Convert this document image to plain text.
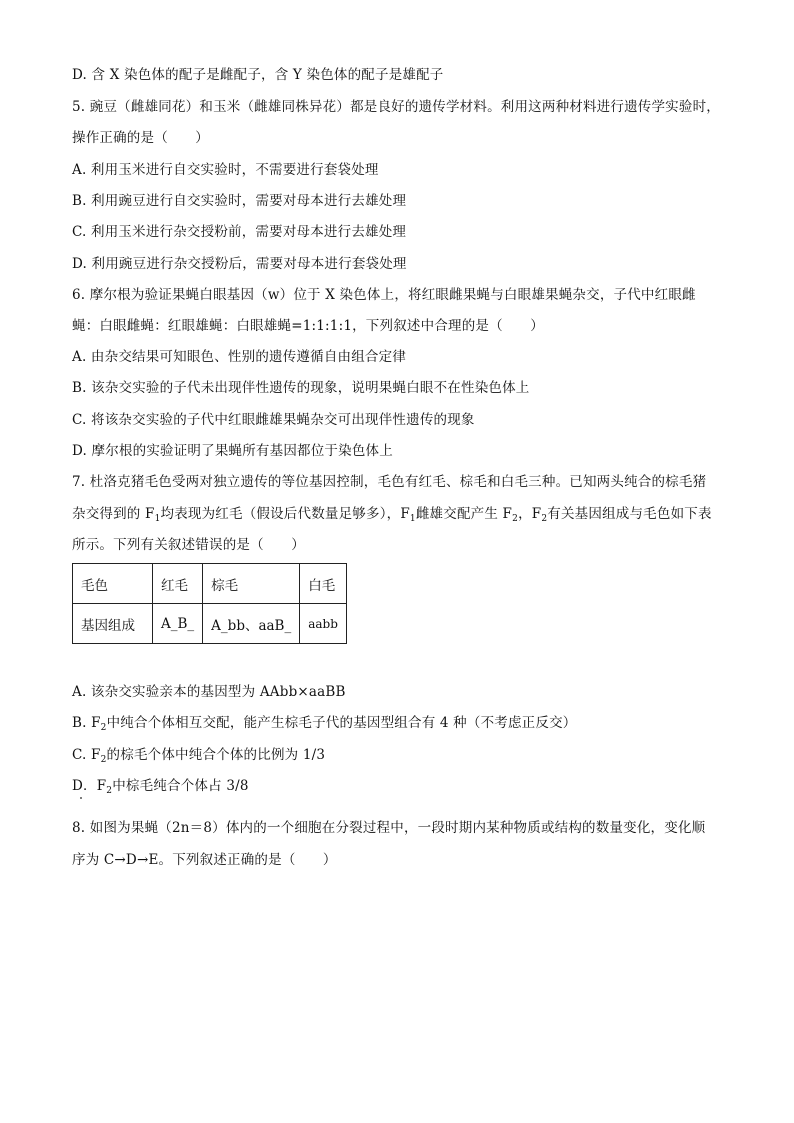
D. 含 X 染色体的配子是雌配子，含 Y 染色体的配子是雄配子
5. 豌豆（雌雄同花）和玉米（雌雄同株异花）都是良好的遗传学材料。利用这两种材料进行遗传学实验时，
操作正确的是（　　）
A. 利用玉米进行自交实验时，不需要进行套袋处理
B. 利用豌豆进行自交实验时，需要对母本进行去雄处理
C. 利用玉米进行杂交授粉前，需要对母本进行去雄处理
D. 利用豌豆进行杂交授粉后，需要对母本进行套袋处理
6. 摩尔根为验证果蝇白眼基因（w）位于 X 染色体上，将红眼雌果蝇与白眼雄果蝇杂交，子代中红眼雌
蝇：白眼雌蝇：红眼雄蝇：白眼雄蝇=1:1:1:1，下列叙述中合理的是（　　）
A. 由杂交结果可知眼色、性别的遗传遵循自由组合定律
B. 该杂交实验的子代未出现伴性遗传的现象，说明果蝇白眼不在性染色体上
C. 将该杂交实验的子代中红眼雌雄果蝇杂交可出现伴性遗传的现象
D. 摩尔根的实验证明了果蝇所有基因都位于染色体上
7. 杜洛克猪毛色受两对独立遗传的等位基因控制，毛色有红毛、棕毛和白毛三种。已知两头纯合的棕毛猪
杂交得到的 $F_1$均表现为红毛（假设后代数量足够多），$F_1$雌雄交配产生 $F_2$，$F_2$有关基因组成与毛色如下表
所示。下列有关叙述错误的是（　　）
毛色	红毛	棕毛	白毛
基因组成	A_B_	A_bb、aaB_	aabb
A. 该杂交实验亲本的基因型为 AAbb×aaBB
B. $F_2$中纯合个体相互交配，能产生棕毛子代的基因型组合有 4 种（不考虑正反交）
C. $F_2$的棕毛个体中纯合个体的比例为 1/3
D．$F_2$中棕毛纯合个体占 3/8
8. 如图为果蝇（2n＝8）体内的一个细胞在分裂过程中，一段时期内某种物质或结构的数量变化，变化顺
序为 C→D→E。下列叙述正确的是（　　）
